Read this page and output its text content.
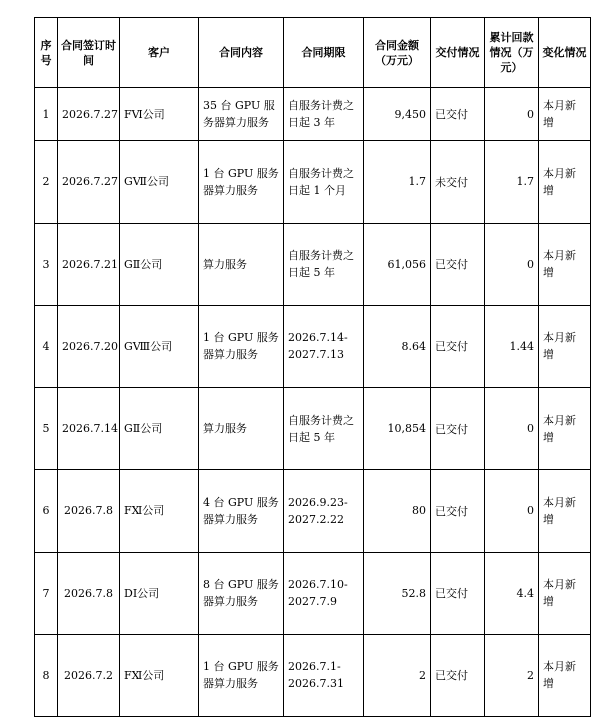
序号	合同签订时间	客户	合同内容	合同期限	合同金额（万元）	交付情况	累计回款情况（万元）	变化情况
1	2026.7.27	FⅥ公司	35 台 GPU 服务器算力服务	自服务计费之日起 3 年	9,450	已交付	0	本月新增
2	2026.7.27	GⅦ公司	1 台 GPU 服务器算力服务	自服务计费之日起 1 个月	1.7	未交付	1.7	本月新增
3	2026.7.21	GⅡ公司	算力服务	自服务计费之日起 5 年	61,056	已交付	0	本月新增
4	2026.7.20	GⅧ公司	1 台 GPU 服务器算力服务	2026.7.14-2027.7.13	8.64	已交付	1.44	本月新增
5	2026.7.14	GⅡ公司	算力服务	自服务计费之日起 5 年	10,854	已交付	0	本月新增
6	2026.7.8	FⅪ公司	4 台 GPU 服务器算力服务	2026.9.23-2027.2.22	80	已交付	0	本月新增
7	2026.7.8	DⅠ公司	8 台 GPU 服务器算力服务	2026.7.10-2027.7.9	52.8	已交付	4.4	本月新增
8	2026.7.2	FⅪ公司	1 台 GPU 服务器算力服务	2026.7.1-2026.7.31	2	已交付	2	本月新增
